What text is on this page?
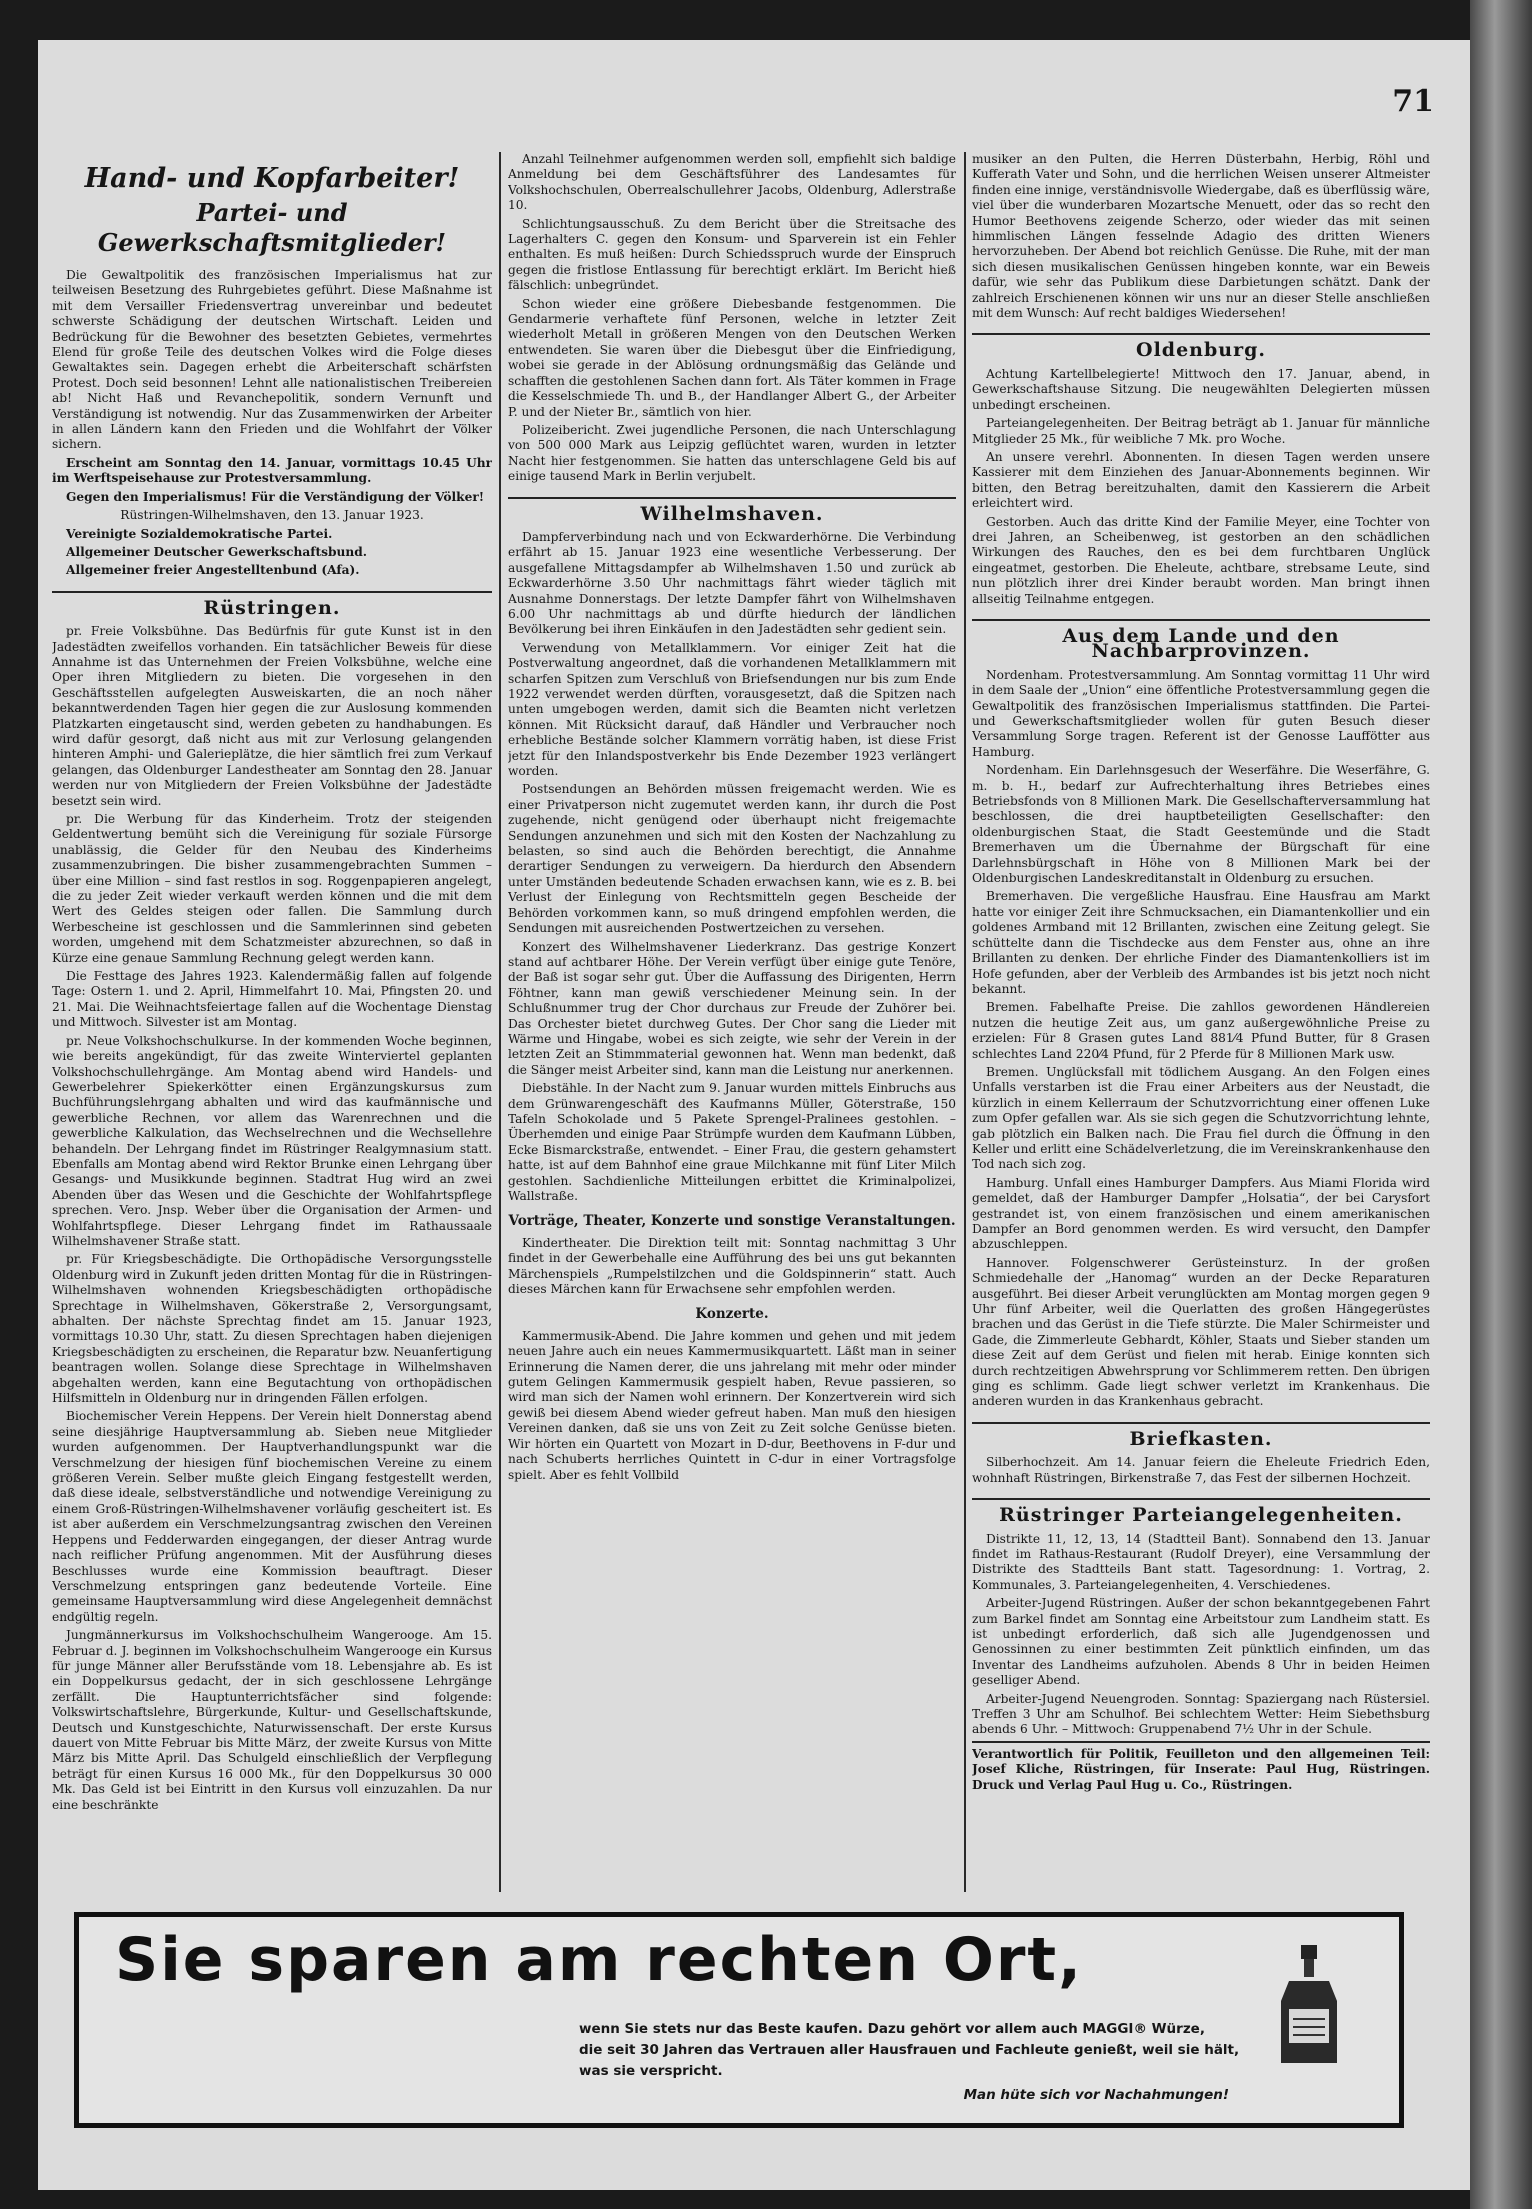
71
Hand- und Kopfarbeiter!
Partei- und Gewerkschaftsmitglieder!

Die Gewaltpolitik des französischen Imperialismus hat zur teilweisen Besetzung des Ruhrgebietes geführt. Diese Maßnahme ist mit dem Versailler Friedensvertrag unvereinbar und bedeutet schwerste Schädigung der deutschen Wirtschaft. Leiden und Bedrückung für die Bewohner des besetzten Gebietes, vermehrtes Elend für große Teile des deutschen Volkes wird die Folge dieses Gewaltaktes sein. Dagegen erhebt die Arbeiterschaft schärfsten Protest. Doch seid besonnen! Lehnt alle nationalistischen Treibereien ab! Nicht Haß und Revanchepolitik, sondern Vernunft und Verständigung ist notwendig. Nur das Zusammenwirken der Arbeiter in allen Ländern kann den Frieden und die Wohlfahrt der Völker sichern.

Erscheint am Sonntag den 14. Januar, vormittags 10.45 Uhr im Werftspeisehause zur Protestversammlung.

Gegen den Imperialismus! Für die Verständigung der Völker!

Rüstringen-Wilhelmshaven, den 13. Januar 1923.

Vereinigte Sozialdemokratische Partei.

Allgemeiner Deutscher Gewerkschaftsbund.

Allgemeiner freier Angestelltenbund (Afa).

Rüstringen.

pr. Freie Volksbühne. Das Bedürfnis für gute Kunst ist in den Jadestädten zweifellos vorhanden. Ein tatsächlicher Beweis für diese Annahme ist das Unternehmen der Freien Volksbühne, welche eine Oper ihren Mitgliedern zu bieten. Die vorgesehen in den Geschäftsstellen aufgelegten Ausweiskarten, die an noch näher bekanntwerdenden Tagen hier gegen die zur Auslosung kommenden Platzkarten eingetauscht sind, werden gebeten zu handhabungen. Es wird dafür gesorgt, daß nicht aus mit zur Verlosung gelangenden hinteren Amphi- und Galerieplätze, die hier sämtlich frei zum Verkauf gelangen, das Oldenburger Landestheater am Sonntag den 28. Januar werden nur von Mitgliedern der Freien Volksbühne der Jadestädte besetzt sein wird.

pr. Die Werbung für das Kinderheim. Trotz der steigenden Geldentwertung bemüht sich die Vereinigung für soziale Fürsorge unablässig, die Gelder für den Neubau des Kinderheims zusammenzubringen. Die bisher zusammengebrachten Summen – über eine Million – sind fast restlos in sog. Roggenpapieren angelegt, die zu jeder Zeit wieder verkauft werden können und die mit dem Wert des Geldes steigen oder fallen. Die Sammlung durch Werbescheine ist geschlossen und die Sammlerinnen sind gebeten worden, umgehend mit dem Schatzmeister abzurechnen, so daß in Kürze eine genaue Sammlung Rechnung gelegt werden kann.

Die Festtage des Jahres 1923. Kalendermäßig fallen auf folgende Tage: Ostern 1. und 2. April, Himmelfahrt 10. Mai, Pfingsten 20. und 21. Mai. Die Weihnachtsfeiertage fallen auf die Wochentage Dienstag und Mittwoch. Silvester ist am Montag.

pr. Neue Volkshochschulkurse. In der kommenden Woche beginnen, wie bereits angekündigt, für das zweite Winterviertel geplanten Volkshochschullehrgänge. Am Montag abend wird Handels- und Gewerbelehrer Spiekerkötter einen Ergänzungskursus zum Buchführungslehrgang abhalten und wird das kaufmännische und gewerbliche Rechnen, vor allem das Warenrechnen und die gewerbliche Kalkulation, das Wechselrechnen und die Wechsellehre behandeln. Der Lehrgang findet im Rüstringer Realgymnasium statt. Ebenfalls am Montag abend wird Rektor Brunke einen Lehrgang über Gesangs- und Musikkunde beginnen. Stadtrat Hug wird an zwei Abenden über das Wesen und die Geschichte der Wohlfahrtspflege sprechen. Vero. Jnsp. Weber über die Organisation der Armen- und Wohlfahrtspflege. Dieser Lehrgang findet im Rathaussaale Wilhelmshavener Straße statt.

pr. Für Kriegsbeschädigte. Die Orthopädische Versorgungsstelle Oldenburg wird in Zukunft jeden dritten Montag für die in Rüstringen-Wilhelmshaven wohnenden Kriegsbeschädigten orthopädische Sprechtage in Wilhelmshaven, Gökerstraße 2, Versorgungsamt, abhalten. Der nächste Sprechtag findet am 15. Januar 1923, vormittags 10.30 Uhr, statt. Zu diesen Sprechtagen haben diejenigen Kriegsbeschädigten zu erscheinen, die Reparatur bzw. Neuanfertigung beantragen wollen. Solange diese Sprechtage in Wilhelmshaven abgehalten werden, kann eine Begutachtung von orthopädischen Hilfsmitteln in Oldenburg nur in dringenden Fällen erfolgen.

Biochemischer Verein Heppens. Der Verein hielt Donnerstag abend seine diesjährige Hauptversammlung ab. Sieben neue Mitglieder wurden aufgenommen. Der Hauptverhandlungspunkt war die Verschmelzung der hiesigen fünf biochemischen Vereine zu einem größeren Verein. Selber mußte gleich Eingang festgestellt werden, daß diese ideale, selbstverständliche und notwendige Vereinigung zu einem Groß-Rüstringen-Wilhelmshavener vorläufig gescheitert ist. Es ist aber außerdem ein Verschmelzungsantrag zwischen den Vereinen Heppens und Fedderwarden eingegangen, der dieser Antrag wurde nach reiflicher Prüfung angenommen. Mit der Ausführung dieses Beschlusses wurde eine Kommission beauftragt. Dieser Verschmelzung entspringen ganz bedeutende Vorteile. Eine gemeinsame Hauptversammlung wird diese Angelegenheit demnächst endgültig regeln.

Jungmännerkursus im Volkshochschulheim Wangerooge. Am 15. Februar d. J. beginnen im Volkshochschulheim Wangerooge ein Kursus für junge Männer aller Berufsstände vom 18. Lebensjahre ab. Es ist ein Doppelkursus gedacht, der in sich geschlossene Lehrgänge zerfällt. Die Hauptunterrichtsfächer sind folgende: Volkswirtschaftslehre, Bürgerkunde, Kultur- und Gesellschaftskunde, Deutsch und Kunstgeschichte, Naturwissenschaft. Der erste Kursus dauert von Mitte Februar bis Mitte März, der zweite Kursus von Mitte März bis Mitte April. Das Schulgeld einschließlich der Verpflegung beträgt für einen Kursus 16 000 Mk., für den Doppelkursus 30 000 Mk. Das Geld ist bei Eintritt in den Kursus voll einzuzahlen. Da nur eine beschränkte

Anzahl Teilnehmer aufgenommen werden soll, empfiehlt sich baldige Anmeldung bei dem Geschäftsführer des Landesamtes für Volkshochschulen, Oberrealschullehrer Jacobs, Oldenburg, Adlerstraße 10.

Schlichtungsausschuß. Zu dem Bericht über die Streitsache des Lagerhalters C. gegen den Konsum- und Sparverein ist ein Fehler enthalten. Es muß heißen: Durch Schiedsspruch wurde der Einspruch gegen die fristlose Entlassung für berechtigt erklärt. Im Bericht hieß fälschlich: unbegründet.

Schon wieder eine größere Diebesbande festgenommen. Die Gendarmerie verhaftete fünf Personen, welche in letzter Zeit wiederholt Metall in größeren Mengen von den Deutschen Werken entwendeten. Sie waren über die Diebesgut über die Einfriedigung, wobei sie gerade in der Ablösung ordnungsmäßig das Gelände und schafften die gestohlenen Sachen dann fort. Als Täter kommen in Frage die Kesselschmiede Th. und B., der Handlanger Albert G., der Arbeiter P. und der Nieter Br., sämtlich von hier.

Polizeibericht. Zwei jugendliche Personen, die nach Unterschlagung von 500 000 Mark aus Leipzig geflüchtet waren, wurden in letzter Nacht hier festgenommen. Sie hatten das unterschlagene Geld bis auf einige tausend Mark in Berlin verjubelt.

Wilhelmshaven.

Dampferverbindung nach und von Eckwarderhörne. Die Verbindung erfährt ab 15. Januar 1923 eine wesentliche Verbesserung. Der ausgefallene Mittagsdampfer ab Wilhelmshaven 1.50 und zurück ab Eckwarderhörne 3.50 Uhr nachmittags fährt wieder täglich mit Ausnahme Donnerstags. Der letzte Dampfer fährt von Wilhelmshaven 6.00 Uhr nachmittags ab und dürfte hiedurch der ländlichen Bevölkerung bei ihren Einkäufen in den Jadestädten sehr gedient sein.

Verwendung von Metallklammern. Vor einiger Zeit hat die Postverwaltung angeordnet, daß die vorhandenen Metallklammern mit scharfen Spitzen zum Verschluß von Briefsendungen nur bis zum Ende 1922 verwendet werden dürften, vorausgesetzt, daß die Spitzen nach unten umgebogen werden, damit sich die Beamten nicht verletzen können. Mit Rücksicht darauf, daß Händler und Verbraucher noch erhebliche Bestände solcher Klammern vorrätig haben, ist diese Frist jetzt für den Inlandspostverkehr bis Ende Dezember 1923 verlängert worden.

Postsendungen an Behörden müssen freigemacht werden. Wie es einer Privatperson nicht zugemutet werden kann, ihr durch die Post zugehende, nicht genügend oder überhaupt nicht freigemachte Sendungen anzunehmen und sich mit den Kosten der Nachzahlung zu belasten, so sind auch die Behörden berechtigt, die Annahme derartiger Sendungen zu verweigern. Da hierdurch den Absendern unter Umständen bedeutende Schaden erwachsen kann, wie es z. B. bei Verlust der Einlegung von Rechtsmitteln gegen Bescheide der Behörden vorkommen kann, so muß dringend empfohlen werden, die Sendungen mit ausreichenden Postwertzeichen zu versehen.

Konzert des Wilhelmshavener Liederkranz. Das gestrige Konzert stand auf achtbarer Höhe. Der Verein verfügt über einige gute Tenöre, der Baß ist sogar sehr gut. Über die Auffassung des Dirigenten, Herrn Föhtner, kann man gewiß verschiedener Meinung sein. In der Schlußnummer trug der Chor durchaus zur Freude der Zuhörer bei. Das Orchester bietet durchweg Gutes. Der Chor sang die Lieder mit Wärme und Hingabe, wobei es sich zeigte, wie sehr der Verein in der letzten Zeit an Stimmmaterial gewonnen hat. Wenn man bedenkt, daß die Sänger meist Arbeiter sind, kann man die Leistung nur anerkennen.

Diebstähle. In der Nacht zum 9. Januar wurden mittels Einbruchs aus dem Grünwarengeschäft des Kaufmanns Müller, Göterstraße, 150 Tafeln Schokolade und 5 Pakete Sprengel-Pralinees gestohlen. – Überhemden und einige Paar Strümpfe wurden dem Kaufmann Lübben, Ecke Bismarckstraße, entwendet. – Einer Frau, die gestern gehamstert hatte, ist auf dem Bahnhof eine graue Milchkanne mit fünf Liter Milch gestohlen. Sachdienliche Mitteilungen erbittet die Kriminalpolizei, Wallstraße.

Vorträge, Theater, Konzerte und sonstige Veranstaltungen.

Kindertheater. Die Direktion teilt mit: Sonntag nachmittag 3 Uhr findet in der Gewerbehalle eine Aufführung des bei uns gut bekannten Märchenspiels „Rumpelstilzchen und die Goldspinnerin“ statt. Auch dieses Märchen kann für Erwachsene sehr empfohlen werden.

Konzerte.

Kammermusik-Abend. Die Jahre kommen und gehen und mit jedem neuen Jahre auch ein neues Kammermusikquartett. Läßt man in seiner Erinnerung die Namen derer, die uns jahrelang mit mehr oder minder gutem Gelingen Kammermusik gespielt haben, Revue passieren, so wird man sich der Namen wohl erinnern. Der Konzertverein wird sich gewiß bei diesem Abend wieder gefreut haben. Man muß den hiesigen Vereinen danken, daß sie uns von Zeit zu Zeit solche Genüsse bieten. Wir hörten ein Quartett von Mozart in D-dur, Beethovens in F-dur und nach Schuberts herrliches Quintett in C-dur in einer Vortragsfolge spielt. Aber es fehlt Vollbild

musiker an den Pulten, die Herren Düsterbahn, Herbig, Röhl und Kufferath Vater und Sohn, und die herrlichen Weisen unserer Altmeister finden eine innige, verständnisvolle Wiedergabe, daß es überflüssig wäre, viel über die wunderbaren Mozartsche Menuett, oder das so recht den Humor Beethovens zeigende Scherzo, oder wieder das mit seinen himmlischen Längen fesselnde Adagio des dritten Wieners hervorzuheben. Der Abend bot reichlich Genüsse. Die Ruhe, mit der man sich diesen musikalischen Genüssen hingeben konnte, war ein Beweis dafür, wie sehr das Publikum diese Darbietungen schätzt. Dank der zahlreich Erschienenen können wir uns nur an dieser Stelle anschließen mit dem Wunsch: Auf recht baldiges Wiedersehen!

Oldenburg.

Achtung Kartellbelegierte! Mittwoch den 17. Januar, abend, in Gewerkschaftshause Sitzung. Die neugewählten Delegierten müssen unbedingt erscheinen.

Parteiangelegenheiten. Der Beitrag beträgt ab 1. Januar für männliche Mitglieder 25 Mk., für weibliche 7 Mk. pro Woche.

An unsere verehrl. Abonnenten. In diesen Tagen werden unsere Kassierer mit dem Einziehen des Januar-Abonnements beginnen. Wir bitten, den Betrag bereitzuhalten, damit den Kassierern die Arbeit erleichtert wird.

Gestorben. Auch das dritte Kind der Familie Meyer, eine Tochter von drei Jahren, an Scheibenweg, ist gestorben an den schädlichen Wirkungen des Rauches, den es bei dem furchtbaren Unglück eingeatmet, gestorben. Die Eheleute, achtbare, strebsame Leute, sind nun plötzlich ihrer drei Kinder beraubt worden. Man bringt ihnen allseitig Teilnahme entgegen.

Aus dem Lande und den Nachbarprovinzen.

Nordenham. Protestversammlung. Am Sonntag vormittag 11 Uhr wird in dem Saale der „Union“ eine öffentliche Protestversammlung gegen die Gewaltpolitik des französischen Imperialismus stattfinden. Die Partei- und Gewerkschaftsmitglieder wollen für guten Besuch dieser Versammlung Sorge tragen. Referent ist der Genosse Lauffötter aus Hamburg.

Nordenham. Ein Darlehnsgesuch der Weserfähre. Die Weserfähre, G. m. b. H., bedarf zur Aufrechterhaltung ihres Betriebes eines Betriebsfonds von 8 Millionen Mark. Die Gesellschafterversammlung hat beschlossen, die drei hauptbeteiligten Gesellschafter: den oldenburgischen Staat, die Stadt Geestemünde und die Stadt Bremerhaven um die Übernahme der Bürgschaft für eine Darlehnsbürgschaft in Höhe von 8 Millionen Mark bei der Oldenburgischen Landeskreditanstalt in Oldenburg zu ersuchen.

Bremerhaven. Die vergeßliche Hausfrau. Eine Hausfrau am Markt hatte vor einiger Zeit ihre Schmucksachen, ein Diamantenkollier und ein goldenes Armband mit 12 Brillanten, zwischen eine Zeitung gelegt. Sie schüttelte dann die Tischdecke aus dem Fenster aus, ohne an ihre Brillanten zu denken. Der ehrliche Finder des Diamantenkolliers ist im Hofe gefunden, aber der Verbleib des Armbandes ist bis jetzt noch nicht bekannt.

Bremen. Fabelhafte Preise. Die zahllos gewordenen Händlereien nutzen die heutige Zeit aus, um ganz außergewöhnliche Preise zu erzielen: Für 8 Grasen gutes Land 881⁄4 Pfund Butter, für 8 Grasen schlechtes Land 220⁄4 Pfund, für 2 Pferde für 8 Millionen Mark usw.

Bremen. Unglücksfall mit tödlichem Ausgang. An den Folgen eines Unfalls verstarben ist die Frau einer Arbeiters aus der Neustadt, die kürzlich in einem Kellerraum der Schutzvorrichtung einer offenen Luke zum Opfer gefallen war. Als sie sich gegen die Schutzvorrichtung lehnte, gab plötzlich ein Balken nach. Die Frau fiel durch die Öffnung in den Keller und erlitt eine Schädelverletzung, die im Vereinskrankenhause den Tod nach sich zog.

Hamburg. Unfall eines Hamburger Dampfers. Aus Miami Florida wird gemeldet, daß der Hamburger Dampfer „Holsatia“, der bei Carysfort gestrandet ist, von einem französischen und einem amerikanischen Dampfer an Bord genommen werden. Es wird versucht, den Dampfer abzuschleppen.

Hannover. Folgenschwerer Gerüsteinsturz. In der großen Schmiedehalle der „Hanomag“ wurden an der Decke Reparaturen ausgeführt. Bei dieser Arbeit verunglückten am Montag morgen gegen 9 Uhr fünf Arbeiter, weil die Querlatten des großen Hängegerüstes brachen und das Gerüst in die Tiefe stürzte. Die Maler Schirmeister und Gade, die Zimmerleute Gebhardt, Köhler, Staats und Sieber standen um diese Zeit auf dem Gerüst und fielen mit herab. Einige konnten sich durch rechtzeitigen Abwehrsprung vor Schlimmerem retten. Den übrigen ging es schlimm. Gade liegt schwer verletzt im Krankenhaus. Die anderen wurden in das Krankenhaus gebracht.

Briefkasten.

Silberhochzeit. Am 14. Januar feiern die Eheleute Friedrich Eden, wohnhaft Rüstringen, Birkenstraße 7, das Fest der silbernen Hochzeit.

Rüstringer Parteiangelegenheiten.

Distrikte 11, 12, 13, 14 (Stadtteil Bant). Sonnabend den 13. Januar findet im Rathaus-Restaurant (Rudolf Dreyer), eine Versammlung der Distrikte des Stadtteils Bant statt. Tagesordnung: 1. Vortrag, 2. Kommunales, 3. Parteiangelegenheiten, 4. Verschiedenes.

Arbeiter-Jugend Rüstringen. Außer der schon bekanntgegebenen Fahrt zum Barkel findet am Sonntag eine Arbeitstour zum Landheim statt. Es ist unbedingt erforderlich, daß sich alle Jugendgenossen und Genossinnen zu einer bestimmten Zeit pünktlich einfinden, um das Inventar des Landheims aufzuholen. Abends 8 Uhr in beiden Heimen geselliger Abend.

Arbeiter-Jugend Neuengroden. Sonntag: Spaziergang nach Rüstersiel. Treffen 3 Uhr am Schulhof. Bei schlechtem Wetter: Heim Siebethsburg abends 6 Uhr. – Mittwoch: Gruppenabend 7½ Uhr in der Schule.

Verantwortlich für Politik, Feuilleton und den allgemeinen Teil: Josef Kliche, Rüstringen, für Inserate: Paul Hug, Rüstringen. Druck und Verlag Paul Hug u. Co., Rüstringen.

Sie sparen am rechten Ort,
wenn Sie stets nur das Beste kaufen. Dazu gehört vor allem auch MAGGI® Würze,
die seit 30 Jahren das Vertrauen aller Hausfrauen und Fachleute genießt, weil sie hält,
was sie verspricht.
Man hüte sich vor Nachahmungen!
